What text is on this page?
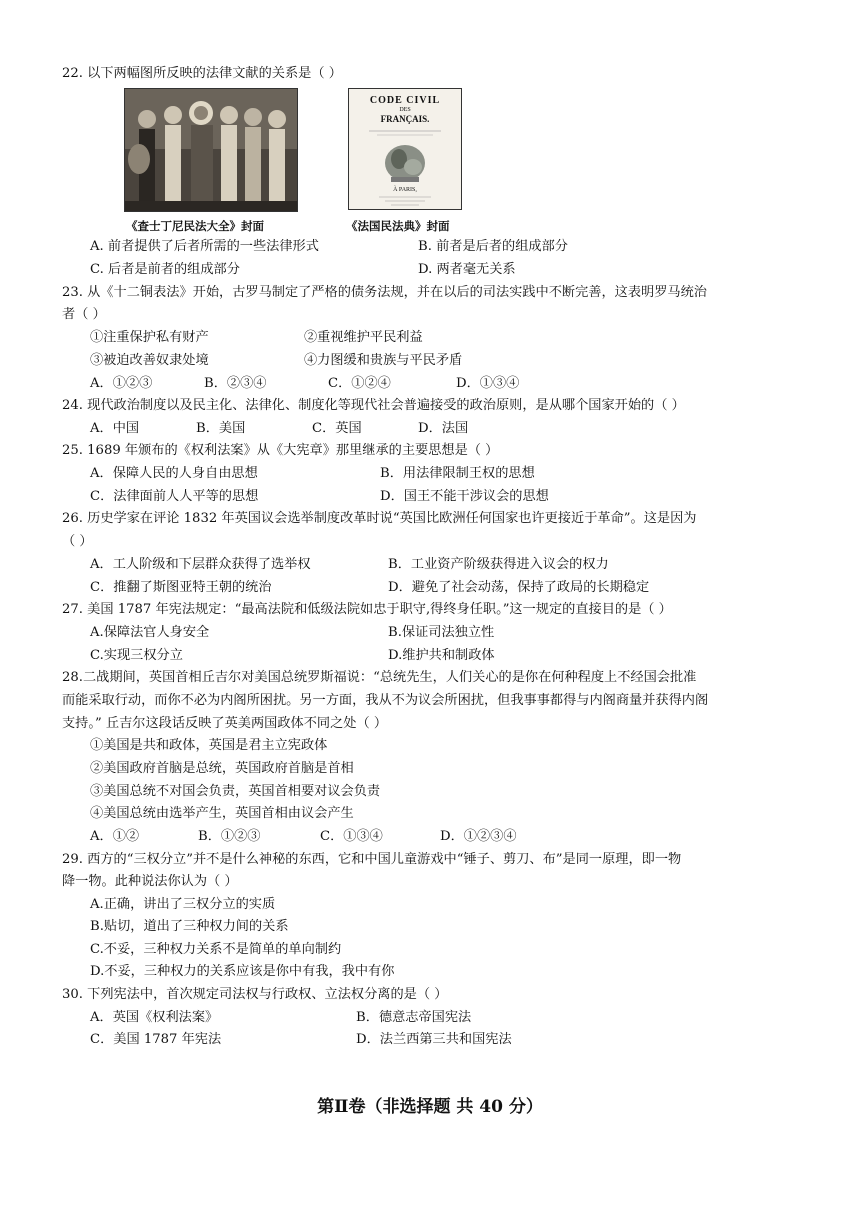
22. 以下两幅图所反映的法律文献的关系是（ ）
《查士丁尼民法大全》封面
CODE CIVIL
DES
FRANÇAIS.
À PARIS,
《法国民法典》封面
A. 前者提供了后者所需的一些法律形式	B. 前者是后者的组成部分
C. 后者是前者的组成部分	D. 两者毫无关系
23. 从《十二铜表法》开始，古罗马制定了严格的债务法规，并在以后的司法实践中不断完善，这表明罗马统治
者（ ）
①注重保护私有财产	②重视维护平民利益
③被迫改善奴隶处境	④力图缓和贵族与平民矛盾
A．①②③	B．②③④	C．①②④	D．①③④
24. 现代政治制度以及民主化、法律化、制度化等现代社会普遍接受的政治原则，是从哪个国家开始的（ ）
A．中国	B．美国	C．英国	D．法国
25. 1689 年颁布的《权利法案》从《大宪章》那里继承的主要思想是（ ）
A．保障人民的人身自由思想	B．用法律限制王权的思想
C．法律面前人人平等的思想	D．国王不能干涉议会的思想
26. 历史学家在评论 1832 年英国议会选举制度改革时说“英国比欧洲任何国家也许更接近于革命”。这是因为
（ ）
A．工人阶级和下层群众获得了选举权	B．工业资产阶级获得进入议会的权力
C．推翻了斯图亚特王朝的统治	D．避免了社会动荡，保持了政局的长期稳定
27. 美国 1787 年宪法规定：“最高法院和低级法院如忠于职守,得终身任职。”这一规定的直接目的是（ ）
A.保障法官人身安全	B.保证司法独立性
C.实现三权分立	D.维护共和制政体
28.二战期间，英国首相丘吉尔对美国总统罗斯福说：“总统先生，人们关心的是你在何种程度上不经国会批准
而能采取行动，而你不必为内阁所困扰。另一方面，我从不为议会所困扰，但我事事都得与内阁商量并获得内阁
支持。” 丘吉尔这段话反映了英美两国政体不同之处（ ）
①美国是共和政体，英国是君主立宪政体
②美国政府首脑是总统，英国政府首脑是首相
③美国总统不对国会负责，英国首相要对议会负责
④美国总统由选举产生，英国首相由议会产生
A．①②	B．①②③	C．①③④	D．①②③④
29. 西方的“三权分立”并不是什么神秘的东西，它和中国儿童游戏中“锤子、剪刀、布”是同一原理，即一物
降一物。此种说法你认为（ ）
A.正确，讲出了三权分立的实质
B.贴切，道出了三种权力间的关系
C.不妥，三种权力关系不是简单的单向制约
D.不妥，三种权力的关系应该是你中有我，我中有你
30. 下列宪法中，首次规定司法权与行政权、立法权分离的是（ ）
A．英国《权利法案》	B．德意志帝国宪法
C．美国 1787 年宪法	D．法兰西第三共和国宪法
第Ⅱ卷（非选择题 共 40 分）
